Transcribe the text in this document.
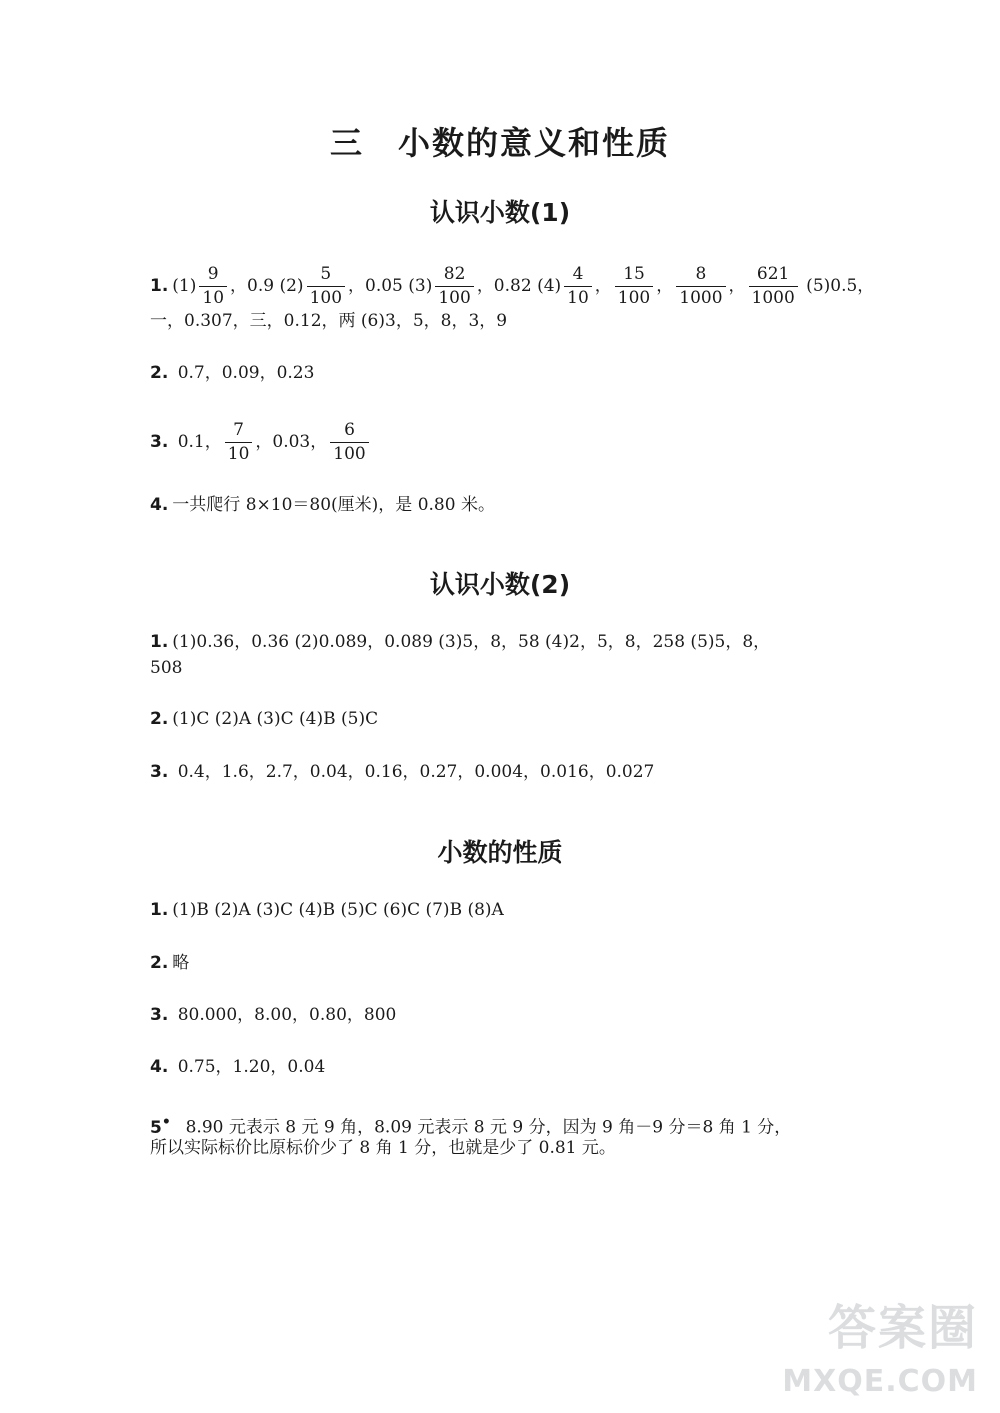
三 小数的意义和性质
认识小数(1)
1. $(1) \frac{9}{10}$ ，0.9 $(2) \frac{5}{100}$ ，0.05 $(3) \frac{82}{100}$ ，0.82 $(4) \frac{4}{10}$ ， $\frac{15}{100}$ ， $\frac{8}{1000}$ ， $\frac{621}{1000} (5)0.5$，
一，0.307，三，0.12，两 (6)3，5，8，3，9
2. 0.7，0.09，0.23
3. 0.1， $\frac{7}{10}$ ，0.03， $\frac{6}{100}$
4. 一共爬行 8×10＝80(厘米)，是 0.80 米。
认识小数(2)
1. (1)0.36，0.36 (2)0.089，0.089 (3)5，8，58 (4)2，5，8，258 (5)5，8，
508
2. (1)C (2)A (3)C (4)B (5)C
3. 0.4，1.6，2.7，0.04，0.16，0.27，0.004，0.016，0.027
小数的性质
1. (1)B (2)A (3)C (4)B (5)C (6)C (7)B (8)A
2. 略
3. 80.000，8.00，0.80，800
4. 0.75，1.20，0.04
5•  8.90 元表示 8 元 9 角，8.09 元表示 8 元 9 分，因为 9 角－9 分＝8 角 1 分，
所以实际标价比原标价少了 8 角 1 分，也就是少了 0.81 元。
答案圈
MXQE.COM
